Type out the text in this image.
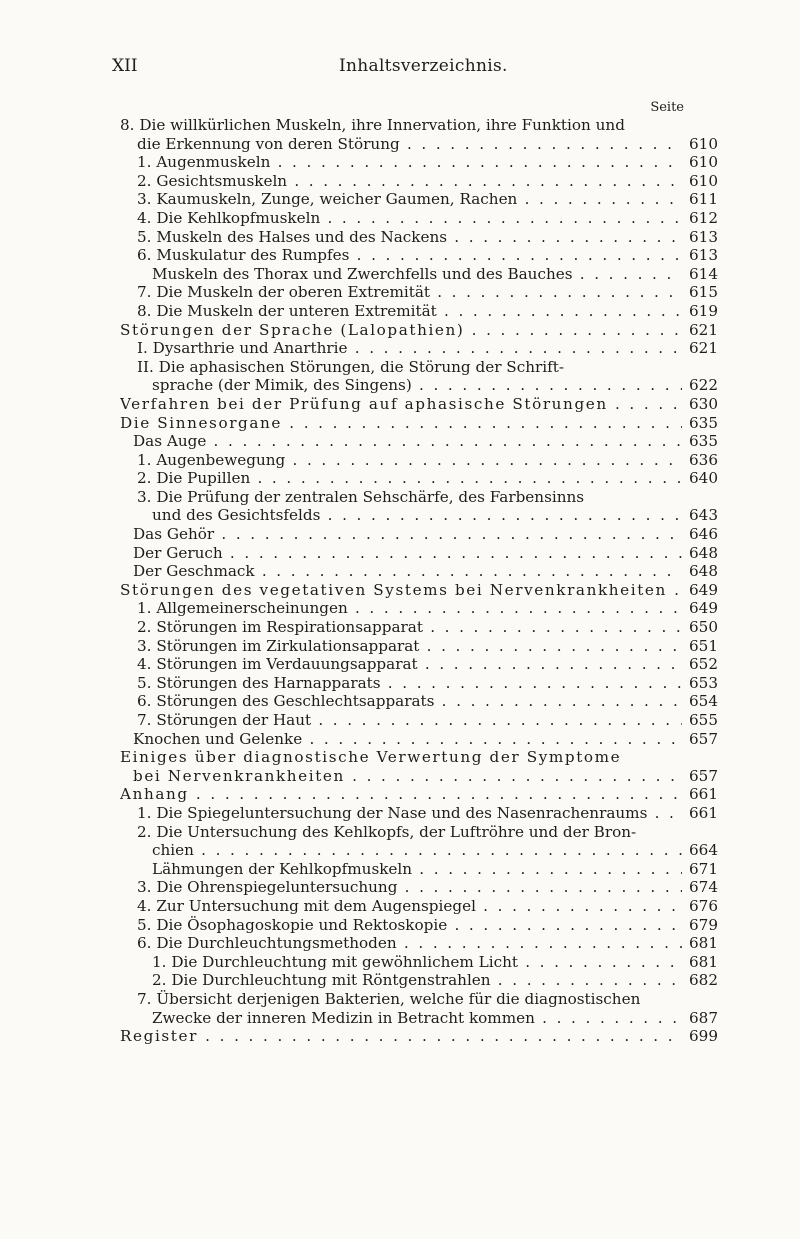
XII	Inhaltsverzeichnis.
Seite
8. Die willkürlichen Muskeln, ihre Innervation, ihre Funktion und
die Erkennung von deren Störung . . .	610
1. Augenmuskeln . . .	610
2. Gesichtsmuskeln . . .	610
3. Kaumuskeln, Zunge, weicher Gaumen, Rachen . . .	611
4. Die Kehlkopfmuskeln . . .	612
5. Muskeln des Halses und des Nackens . . .	613
6. Muskulatur des Rumpfes . . .	613
Muskeln des Thorax und Zwerchfells und des Bauches . . .	614
7. Die Muskeln der oberen Extremität . . .	615
8. Die Muskeln der unteren Extremität . . .	619
Störungen der Sprache (Lalopathien) . . .	621
I. Dysarthrie und Anarthrie . . .	621
II. Die aphasischen Störungen, die Störung der Schrift-
sprache (der Mimik, des Singens) . . .	622
Verfahren bei der Prüfung auf aphasische Störungen . . .	630
Die Sinnesorgane . . .	635
Das Auge . . .	635
1. Augenbewegung . . .	636
2. Die Pupillen . . .	640
3. Die Prüfung der zentralen Sehschärfe, des Farbensinns
und des Gesichtsfelds . . .	643
Das Gehör . . .	646
Der Geruch . . .	648
Der Geschmack . . .	648
Störungen des vegetativen Systems bei Nervenkrankheiten . . .	649
1. Allgemeinerscheinungen . . .	649
2. Störungen im Respirationsapparat . . .	650
3. Störungen im Zirkulationsapparat . . .	651
4. Störungen im Verdauungsapparat . . .	652
5. Störungen des Harnapparats . . .	653
6. Störungen des Geschlechtsapparats . . .	654
7. Störungen der Haut . . .	655
Knochen und Gelenke . . .	657
Einiges über diagnostische Verwertung der Symptome
bei Nervenkrankheiten . . .	657
Anhang . . .	661
1. Die Spiegeluntersuchung der Nase und des Nasenrachenraums . . .	661
2. Die Untersuchung des Kehlkopfs, der Luftröhre und der Bron-
chien . . .	664
Lähmungen der Kehlkopfmuskeln . . .	671
3. Die Ohrenspiegeluntersuchung . . .	674
4. Zur Untersuchung mit dem Augenspiegel . . .	676
5. Die Ösophagoskopie und Rektoskopie . . .	679
6. Die Durchleuchtungsmethoden . . .	681
1. Die Durchleuchtung mit gewöhnlichem Licht . . .	681
2. Die Durchleuchtung mit Röntgenstrahlen . . .	682
7. Übersicht derjenigen Bakterien, welche für die diagnostischen
Zwecke der inneren Medizin in Betracht kommen . . .	687
Register . . .	699
